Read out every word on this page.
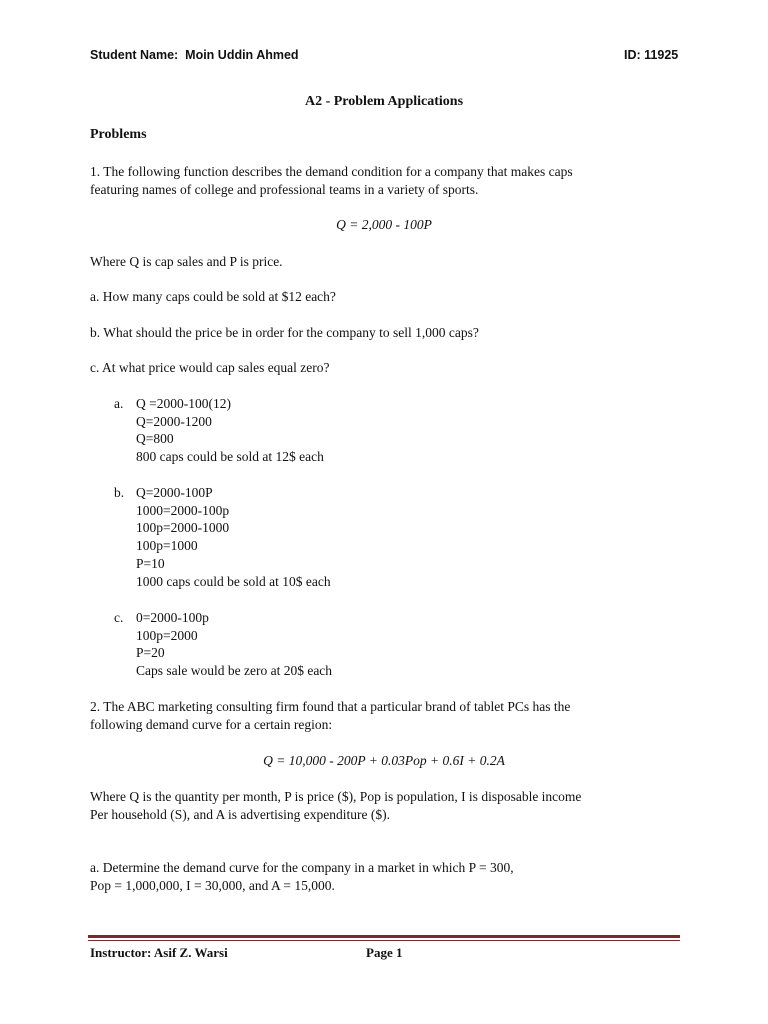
Student Name: Moin Uddin Ahmed	ID: 11925
A2 - Problem Applications
Problems
1. The following function describes the demand condition for a company that makes caps
featuring names of college and professional teams in a variety of sports.
Q = 2,000 - 100P
Where Q is cap sales and P is price.
a. How many caps could be sold at $12 each?
b. What should the price be in order for the company to sell 1,000 caps?
c. At what price would cap sales equal zero?
a. Q =2000-100(12)
Q=2000-1200
Q=800
800 caps could be sold at 12$ each
b. Q=2000-100P
1000=2000-100p
100p=2000-1000
100p=1000
P=10
1000 caps could be sold at 10$ each
c. 0=2000-100p
100p=2000
P=20
Caps sale would be zero at 20$ each
2. The ABC marketing consulting firm found that a particular brand of tablet PCs has the
following demand curve for a certain region:
Q = 10,000 - 200P + 0.03Pop + 0.6I + 0.2A
Where Q is the quantity per month, P is price ($), Pop is population, I is disposable income
Per household (S), and A is advertising expenditure ($).
a. Determine the demand curve for the company in a market in which P = 300,
Pop = 1,000,000, I = 30,000, and A = 15,000.
Instructor: Asif Z. Warsi	Page 1
